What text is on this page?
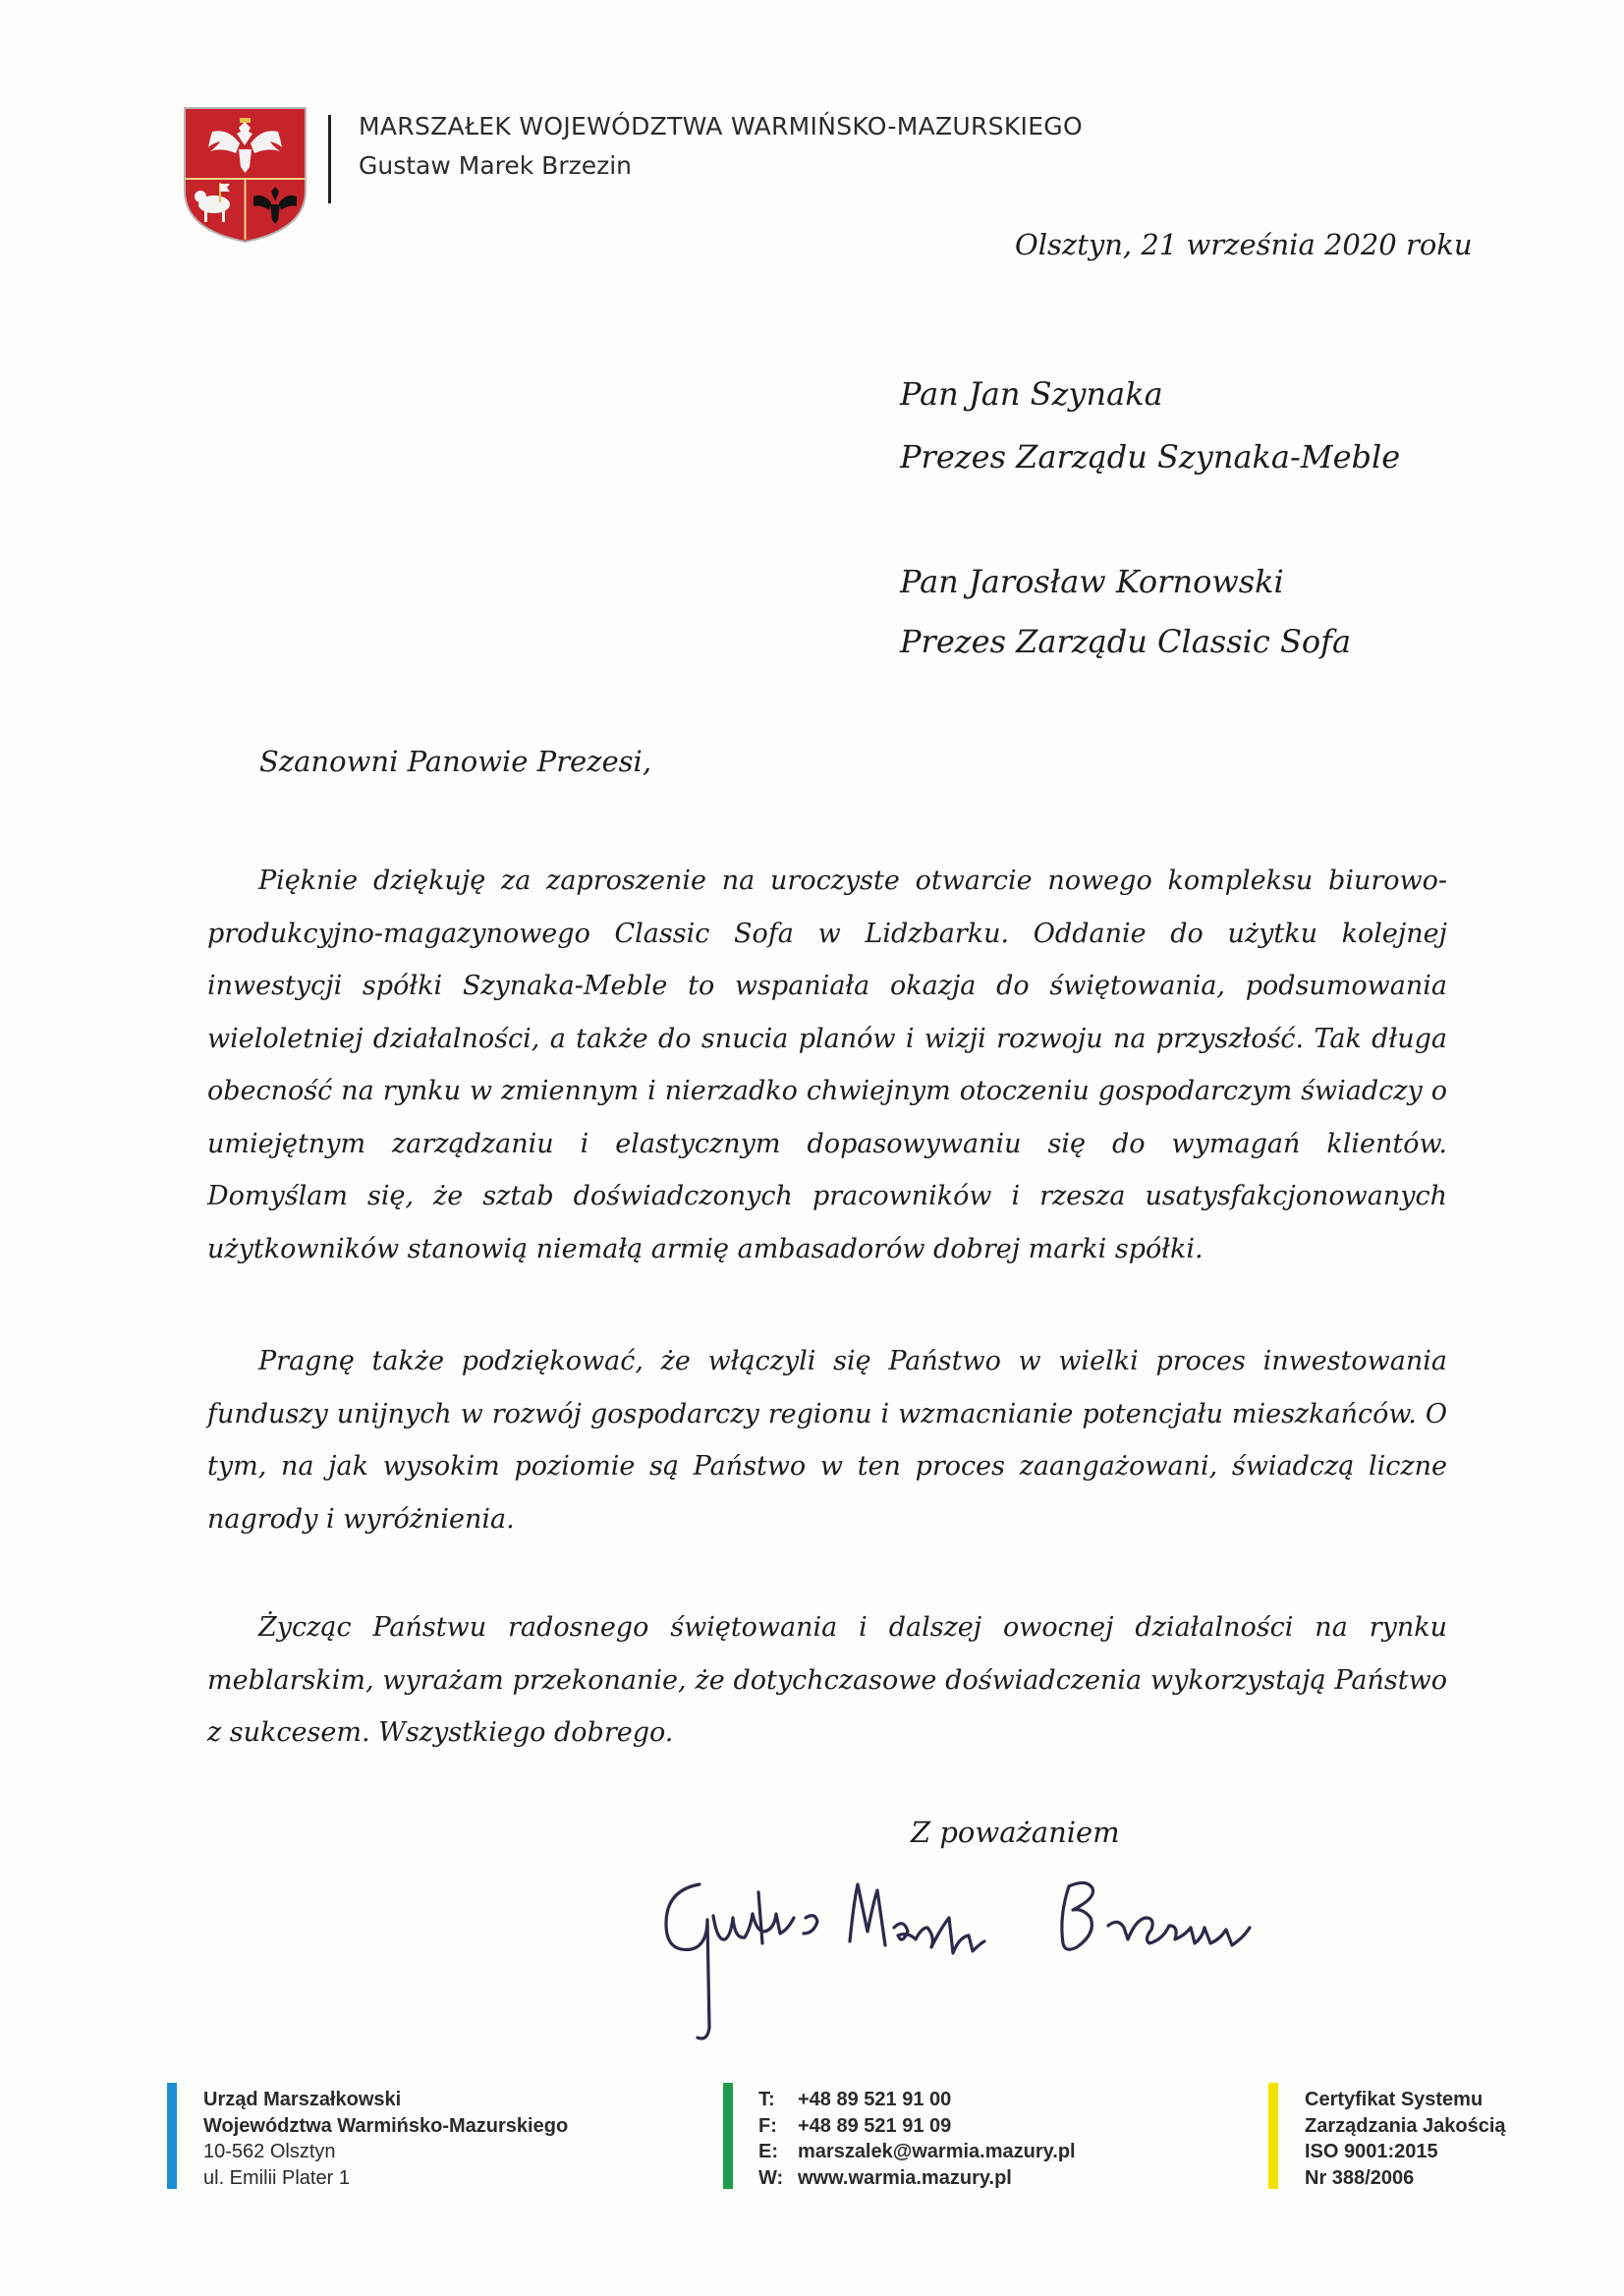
MARSZAŁEK WOJEWÓDZTWA WARMIŃSKO-MAZURSKIEGO
Gustaw Marek Brzezin
Olsztyn, 21 września 2020 roku
Pan Jan Szynaka
Prezes Zarządu Szynaka-Meble
Pan Jarosław Kornowski
Prezes Zarządu Classic Sofa
Szanowni Panowie Prezesi,
Pięknie dziękuję za zaproszenie na uroczyste otwarcie nowego kompleksu biurowo-produkcyjno-magazynowego Classic Sofa w Lidzbarku. Oddanie do użytku kolejnej inwestycji spółki Szynaka-Meble to wspaniała okazja do świętowania, podsumowania wieloletniej działalności, a także do snucia planów i wizji rozwoju na przyszłość. Tak długa obecność na rynku w zmiennym i nierzadko chwiejnym otoczeniu gospodarczym świadczy o umiejętnym zarządzaniu i elastycznym dopasowywaniu się do wymagań klientów. Domyślam się, że sztab doświadczonych pracowników i rzesza usatysfakcjonowanych użytkowników stanowią niemałą armię ambasadorów dobrej marki spółki.
Pragnę także podziękować, że włączyli się Państwo w wielki proces inwestowania funduszy unijnych w rozwój gospodarczy regionu i wzmacnianie potencjału mieszkańców. O tym, na jak wysokim poziomie są Państwo w ten proces zaangażowani, świadczą liczne nagrody i wyróżnienia.
Życząc Państwu radosnego świętowania i dalszej owocnej działalności na rynku meblarskim, wyrażam przekonanie, że dotychczasowe doświadczenia wykorzystają Państwo z sukcesem. Wszystkiego dobrego.
Z poważaniem
Urząd Marszałkowski
Województwa Warmińsko-Mazurskiego
10-562 Olsztyn
ul. Emilii Plater 1
T: +48 89 521 91 00
F: +48 89 521 91 09
E: marszalek@warmia.mazury.pl
W: www.warmia.mazury.pl
Certyfikat Systemu
Zarządzania Jakością
ISO 9001:2015
Nr 388/2006
